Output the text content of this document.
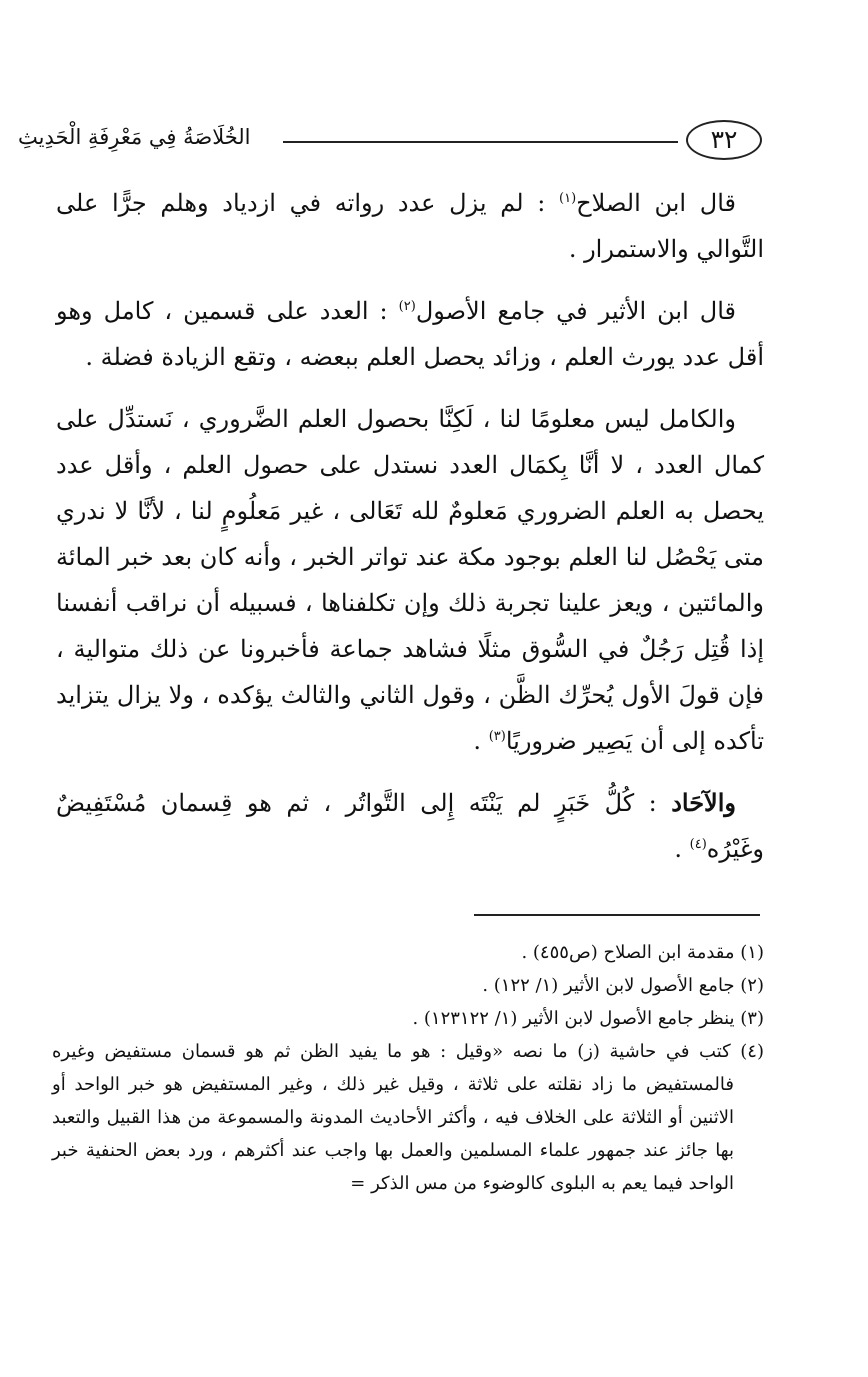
٣٢
الخُلَاصَةُ فِي مَعْرِفَةِ الْحَدِيثِ

قال ابن الصلاح$^{(١)}$ : لم يزل عدد رواته في ازدياد وهلم جرًّا على التَّوالي والاستمرار .

قال ابن الأثير في جامع الأصول$^{(٢)}$ : العدد على قسمين ، كامل وهو أقل عدد يورث العلم ، وزائد يحصل العلم ببعضه ، وتقع الزيادة فضلة .

والكامل ليس معلومًا لنا ، لَكِنَّا بحصول العلم الضَّروري ، نَستدِّل على كمال العدد ، لا أنَّا بِكمَال العدد نستدل على حصول العلم ، وأقل عدد يحصل به العلم الضروري مَعلومٌ لله تَعَالى ، غير مَعلُومٍ لنا ، لأنَّا لا ندري متى يَحْصُل لنا العلم بوجود مكة عند تواتر الخبر ، وأنه كان بعد خبر المائة والمائتين ، ويعز علينا تجربة ذلك وإن تكلفناها ، فسبيله أن نراقب أنفسنا إذا قُتِل رَجُلٌ في السُّوق مثلًا فشاهد جماعة فأخبرونا عن ذلك متوالية ، فإن قولَ الأول يُحرِّك الظَّن ، وقول الثاني والثالث يؤكده ، ولا يزال يتزايد تأكده إلى أن يَصِير ضروريًا$^{(٣)}$ .

والآحَاد : كُلُّ خَبَرٍ لم يَنْتَه إِلى التَّواتُر ، ثم هو قِسمان مُسْتَفِيضٌ وغَيْرُه$^{(٤)}$ .

(١) مقدمة ابن الصلاح (ص٤٥٥) .

(٢) جامع الأصول لابن الأثير (١/ ١٢٢) .

(٣) ينظر جامع الأصول لابن الأثير (١/ ١٢٣١٢٢) .

(٤) كتب في حاشية (ز) ما نصه «وقيل : هو ما يفيد الظن ثم هو قسمان مستفيض وغيره فالمستفيض ما زاد نقلته على ثلاثة ، وقيل غير ذلك ، وغير المستفيض هو خبر الواحد أو الاثنين أو الثلاثة على الخلاف فيه ، وأكثر الأحاديث المدونة والمسموعة من هذا القبيل والتعبد بها جائز عند جمهور علماء المسلمين والعمل بها واجب عند أكثرهم ، ورد بعض الحنفية خبر الواحد فيما يعم به البلوى كالوضوء من مس الذكر =
